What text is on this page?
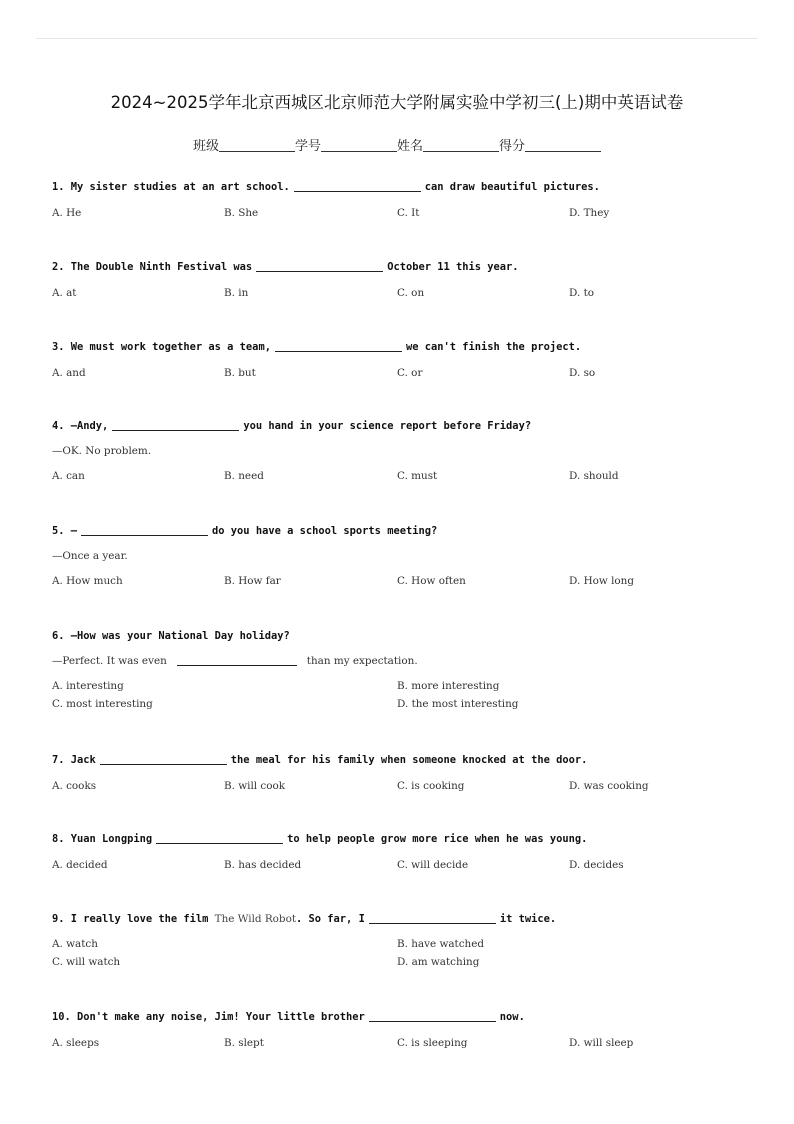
2024~2025学年北京西城区北京师范大学附属实验中学初三(上)期中英语试卷
班级	学号	姓名	得分
1. My sister studies at an art school.	can draw beautiful pictures.
A. He	B. She	C. It	D. They
2. The Double Ninth Festival was	October 11 this year.
A. at	B. in	C. on	D. to
3. We must work together as a team,	we can't finish the project.
A. and	B. but	C. or	D. so
4. —Andy,	you hand in your science report before Friday?
—OK. No problem.
A. can	B. need	C. must	D. should
5. —	do you have a school sports meeting?
—Once a year.
A. How much	B. How far	C. How often	D. How long
6. —How was your National Day holiday?
—Perfect. It was even	than my expectation.
A. interesting	B. more interesting
C. most interesting	D. the most interesting
7. Jack	the meal for his family when someone knocked at the door.
A. cooks	B. will cook	C. is cooking	D. was cooking
8. Yuan Longping	to help people grow more rice when he was young.
A. decided	B. has decided	C. will decide	D. decides
9. I really love the film The Wild Robot. So far, I	it twice.
A. watch	B. have watched
C. will watch	D. am watching
10. Don't make any noise, Jim! Your little brother	now.
A. sleeps	B. slept	C. is sleeping	D. will sleep
